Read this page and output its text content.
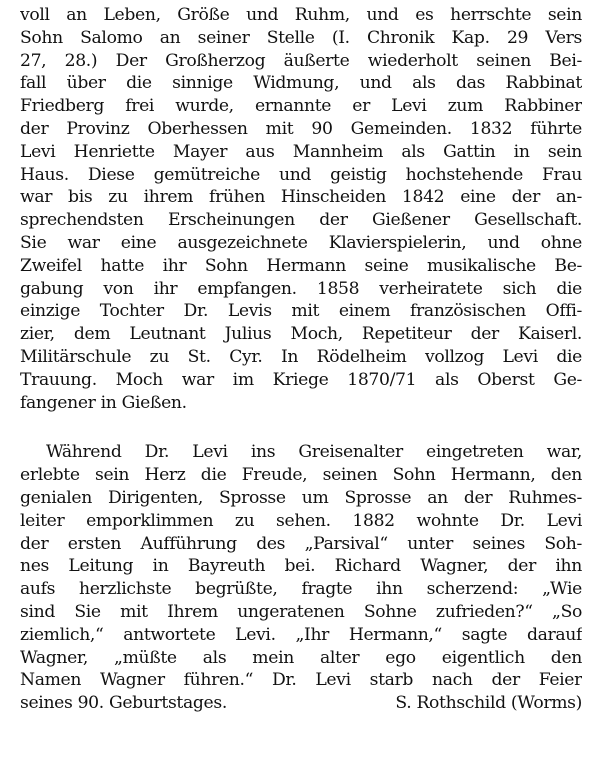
voll an Leben, Größe und Ruhm, und es herrschte sein
Sohn Salomo an seiner Stelle (I. Chronik Kap. 29 Vers
27, 28.) Der Großherzog äußerte wiederholt seinen Bei-
fall über die sinnige Widmung, und als das Rabbinat
Friedberg frei wurde, ernannte er Levi zum Rabbiner
der Provinz Oberhessen mit 90 Gemeinden. 1832 führte
Levi Henriette Mayer aus Mannheim als Gattin in sein
Haus. Diese gemütreiche und geistig hochstehende Frau
war bis zu ihrem frühen Hinscheiden 1842 eine der an-
sprechendsten Erscheinungen der Gießener Gesellschaft.
Sie war eine ausgezeichnete Klavierspielerin, und ohne
Zweifel hatte ihr Sohn Hermann seine musikalische Be-
gabung von ihr empfangen. 1858 verheiratete sich die
einzige Tochter Dr. Levis mit einem französischen Offi-
zier, dem Leutnant Julius Moch, Repetiteur der Kaiserl.
Militärschule zu St. Cyr. In Rödelheim vollzog Levi die
Trauung. Moch war im Kriege 1870/71 als Oberst Ge-
fangener in Gießen.
Während Dr. Levi ins Greisenalter eingetreten war,
erlebte sein Herz die Freude, seinen Sohn Hermann, den
genialen Dirigenten, Sprosse um Sprosse an der Ruhmes-
leiter emporklimmen zu sehen. 1882 wohnte Dr. Levi
der ersten Aufführung des „Parsival“ unter seines Soh-
nes Leitung in Bayreuth bei. Richard Wagner, der ihn
aufs herzlichste begrüßte, fragte ihn scherzend: „Wie
sind Sie mit Ihrem ungeratenen Sohne zufrieden?“ „So
ziemlich,“ antwortete Levi. „Ihr Hermann,“ sagte darauf
Wagner, „müßte als mein alter ego eigentlich den
Namen Wagner führen.“ Dr. Levi starb nach der Feier
seines 90. Geburtstages.	S. Rothschild (Worms)
